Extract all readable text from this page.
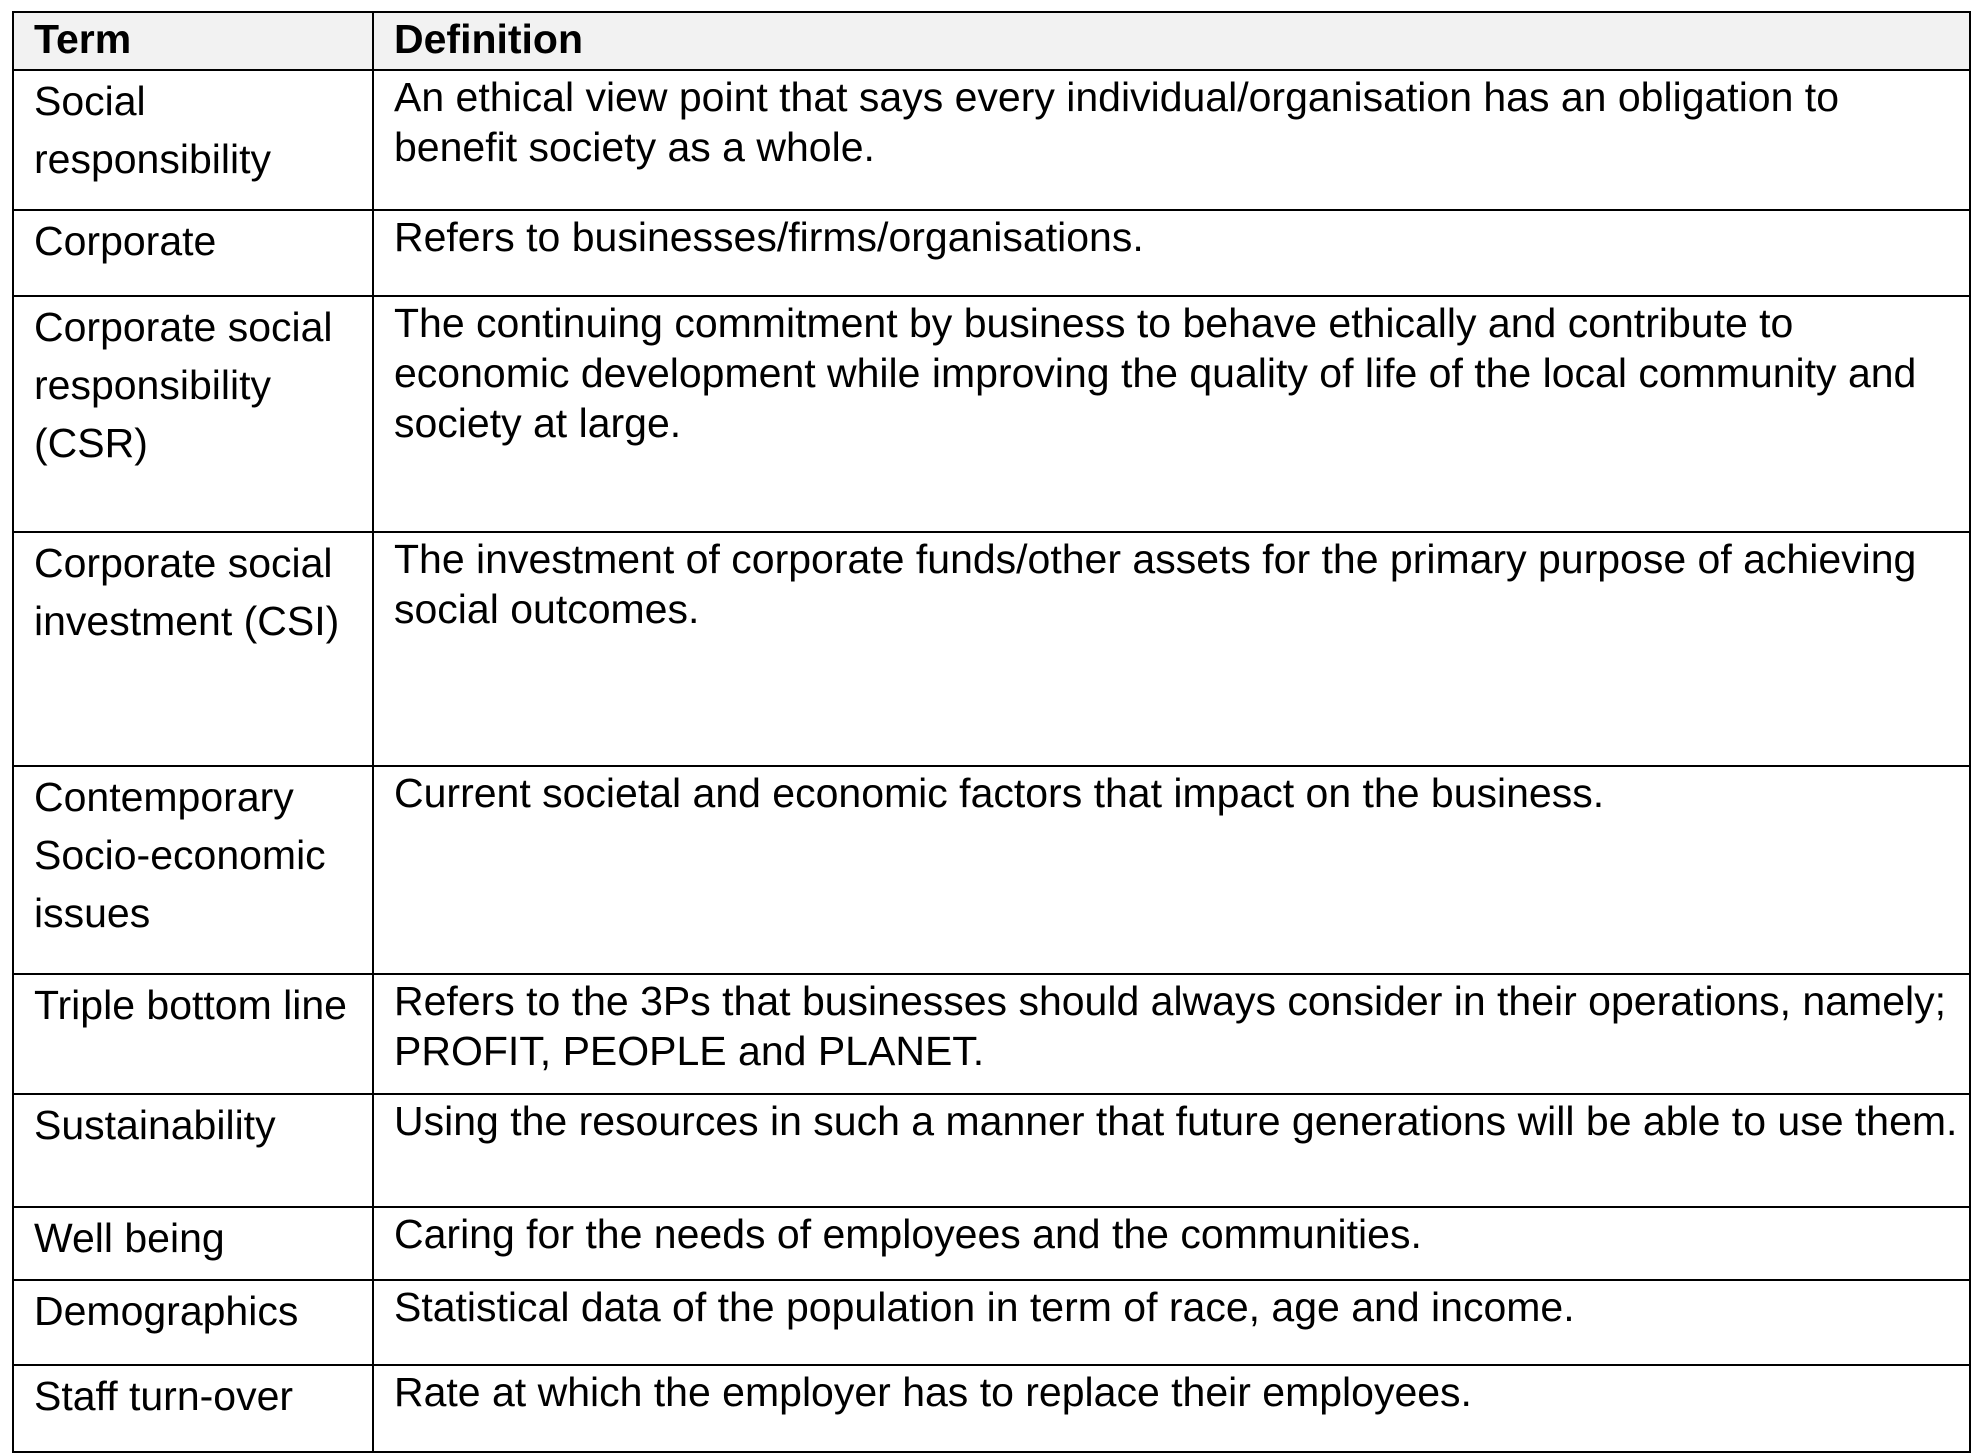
Term	Definition
Social responsibility	An ethical view point that says every individual/organisation has an obligation to benefit society as a whole.
Corporate	Refers to businesses/firms/organisations.
Corporate social responsibility (CSR)	The continuing commitment by business to behave ethically and contribute to economic development while improving the quality of life of the local community and society at large.
Corporate social investment (CSI)	The investment of corporate funds/other assets for the primary purpose of achieving social outcomes.
Contemporary Socio-economic issues	Current societal and economic factors that impact on the business.
Triple bottom line	Refers to the 3Ps that businesses should always consider in their operations, namely; PROFIT, PEOPLE and PLANET.
Sustainability	Using the resources in such a manner that future generations will be able to use them.
Well being	Caring for the needs of employees and the communities.
Demographics	Statistical data of the population in term of race, age and income.
Staff turn-over	Rate at which the employer has to replace their employees.
